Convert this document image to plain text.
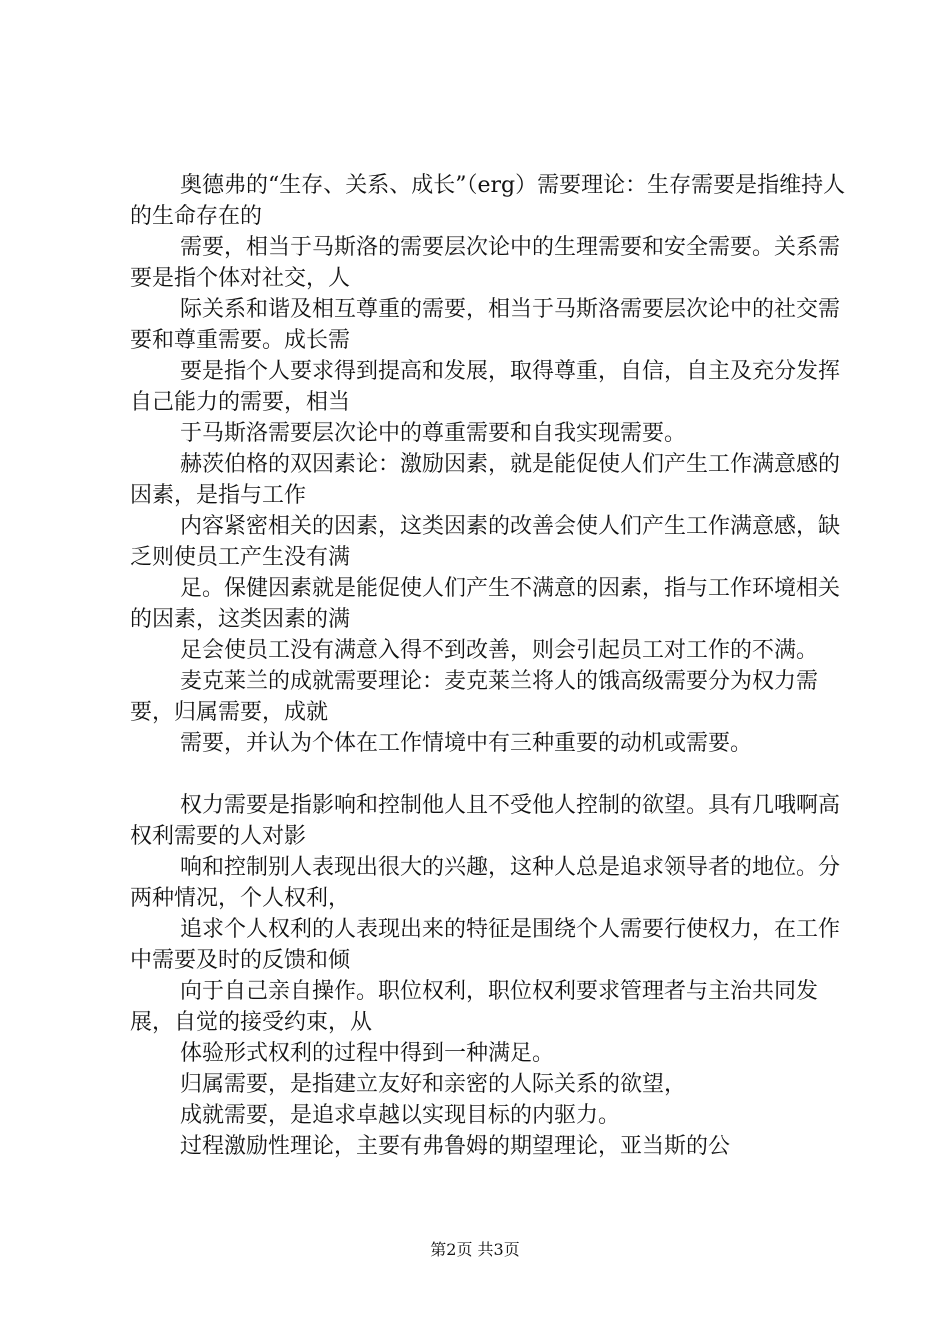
奥德弗的“生存、关系、成长”（erg）需要理论：生存需要是指维持人的生命存在的

需要，相当于马斯洛的需要层次论中的生理需要和安全需要。关系需要是指个体对社交，人

际关系和谐及相互尊重的需要，相当于马斯洛需要层次论中的社交需要和尊重需要。成长需

要是指个人要求得到提高和发展，取得尊重，自信，自主及充分发挥自己能力的需要，相当

于马斯洛需要层次论中的尊重需要和自我实现需要。

赫茨伯格的双因素论：激励因素，就是能促使人们产生工作满意感的因素，是指与工作

内容紧密相关的因素，这类因素的改善会使人们产生工作满意感，缺乏则使员工产生没有满

足。保健因素就是能促使人们产生不满意的因素，指与工作环境相关的因素，这类因素的满

足会使员工没有满意入得不到改善，则会引起员工对工作的不满。

麦克莱兰的成就需要理论：麦克莱兰将人的饿高级需要分为权力需要，归属需要，成就

需要，并认为个体在工作情境中有三种重要的动机或需要。

权力需要是指影响和控制他人且不受他人控制的欲望。具有几哦啊高权利需要的人对影

响和控制别人表现出很大的兴趣，这种人总是追求领导者的地位。分两种情况，个人权利，

追求个人权利的人表现出来的特征是围绕个人需要行使权力，在工作中需要及时的反馈和倾

向于自己亲自操作。职位权利，职位权利要求管理者与主治共同发展，自觉的接受约束，从

体验形式权利的过程中得到一种满足。

归属需要，是指建立友好和亲密的人际关系的欲望，

成就需要，是追求卓越以实现目标的内驱力。

过程激励性理论，主要有弗鲁姆的期望理论，亚当斯的公

第2页 共3页
